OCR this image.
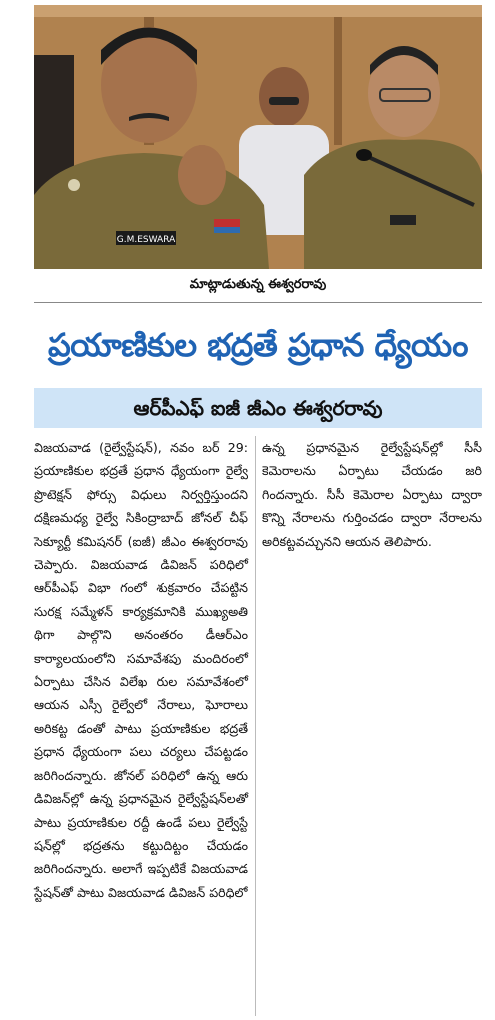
G.M.ESWARA
మాట్లాడుతున్న ఈశ్వరరావు
ప్రయాణికుల భద్రతే ప్రధాన ధ్యేయం
ఆర్‌పీఎఫ్ ఐజీ జీఎం ఈశ్వరరావు

విజయవాడ (రైల్వేస్టేషన్), నవం బర్ 29: ప్రయాణికుల భద్రతే ప్రధాన ధ్యేయంగా రైల్వే ప్రొటెక్షన్ ఫోర్సు విధులు నిర్వర్తిస్తుందని దక్షిణమధ్య రైల్వే సికింద్రాబాద్ జోనల్ చీఫ్ సెక్యూర్టీ కమిషనర్ (ఐజీ) జీఎం ఈశ్వరరావు చెప్పారు. విజయవాడ డివిజన్ పరిధిలో ఆర్‌పీఎఫ్ విభా గంలో శుక్రవారం చేపట్టిన సురక్ష సమ్మేళన్ కార్యక్రమానికి ముఖ్యఅతి థిగా పాల్గొని అనంతరం డీఆర్‌ఎం కార్యాలయంలోని సమావేశపు మందిరంలో ఏర్పాటు చేసిన విలేఖ రుల సమావేశంలో ఆయన ఎస్సీ రైల్వేలో నేరాలు, ఘోరాలు అరికట్ట డంతో పాటు ప్రయాణికుల భద్రతే ప్రధాన ధ్యేయంగా పలు చర్యలు చేపట్టడం జరిగిందన్నారు. జోనల్ పరిధిలో ఉన్న ఆరు డివిజన్‌ల్లో ఉన్న ప్రధానమైన రైల్వేస్టేషన్‌లతో పాటు ప్రయాణికుల రద్దీ ఉండే పలు రైల్వేస్టే షన్‌ల్లో భద్రతను కట్టుదిట్టం చేయడం జరిగిందన్నారు. అలాగే ఇప్పటికే విజయవాడ స్టేషన్‌తో పాటు విజయవాడ డివిజన్ పరిధిలో

ఉన్న ప్రధానమైన రైల్వేస్టేషన్‌ల్లో సీసీ కెమెరాలను ఏర్పాటు చేయడం జరి గిందన్నారు. సీసీ కెమెరాల ఏర్పాటు ద్వారా కొన్ని నేరాలను గుర్తించడం ద్వారా నేరాలను అరికట్టవచ్చునని ఆయన తెలిపారు.
